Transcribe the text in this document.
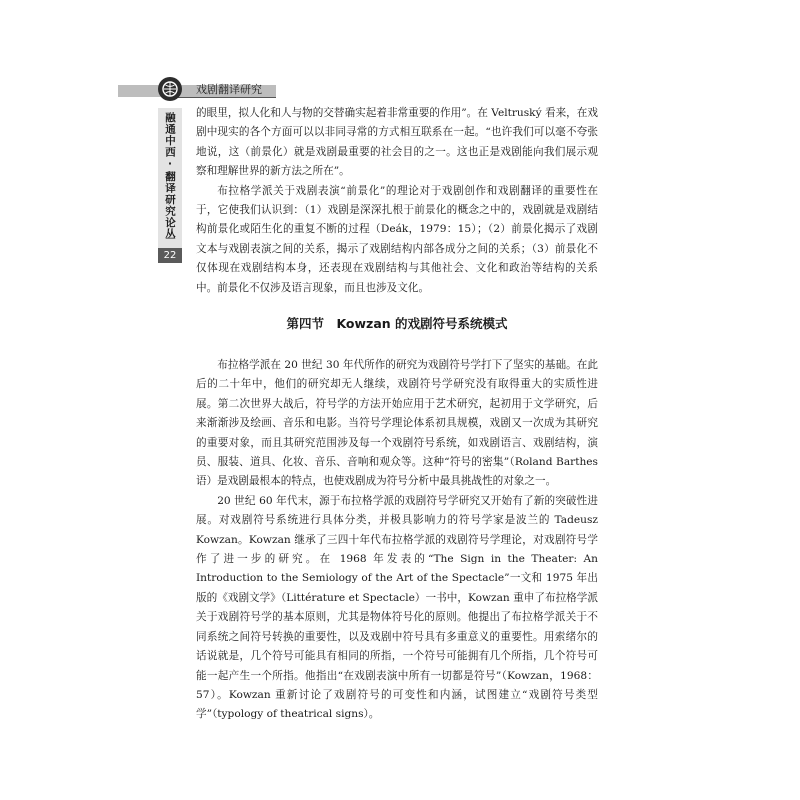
戏剧翻译研究
融通中西·翻译研究论丛
22

的眼里，拟人化和人与物的交替确实起着非常重要的作用”。在 Veltruský 看来，在戏剧中现实的各个方面可以以非同寻常的方式相互联系在一起。“也许我们可以毫不夸张地说，这（前景化）就是戏剧最重要的社会目的之一。这也正是戏剧能向我们展示观察和理解世界的新方法之所在”。

布拉格学派关于戏剧表演“前景化”的理论对于戏剧创作和戏剧翻译的重要性在于，它使我们认识到：（1）戏剧是深深扎根于前景化的概念之中的，戏剧就是戏剧结构前景化或陌生化的重复不断的过程（Deák，1979：15）；（2）前景化揭示了戏剧文本与戏剧表演之间的关系，揭示了戏剧结构内部各成分之间的关系；（3）前景化不仅体现在戏剧结构本身，还表现在戏剧结构与其他社会、文化和政治等结构的关系中。前景化不仅涉及语言现象，而且也涉及文化。

第四节　Kowzan 的戏剧符号系统模式

布拉格学派在 20 世纪 30 年代所作的研究为戏剧符号学打下了坚实的基础。在此后的二十年中，他们的研究却无人继续，戏剧符号学研究没有取得重大的实质性进展。第二次世界大战后，符号学的方法开始应用于艺术研究，起初用于文学研究，后来渐渐涉及绘画、音乐和电影。当符号学理论体系初具规模，戏剧又一次成为其研究的重要对象，而且其研究范围涉及每一个戏剧符号系统，如戏剧语言、戏剧结构，演员、服装、道具、化妆、音乐、音响和观众等。这种“符号的密集”（Roland Barthes 语）是戏剧最根本的特点，也使戏剧成为符号分析中最具挑战性的对象之一。

20 世纪 60 年代末，源于布拉格学派的戏剧符号学研究又开始有了新的突破性进展。对戏剧符号系统进行具体分类，并极具影响力的符号学家是波兰的 Tadeusz Kowzan。Kowzan 继承了三四十年代布拉格学派的戏剧符号学理论，对戏剧符号学作了进一步的研究。在 1968 年发表的“The Sign in the Theater: An Introduction to the Semiology of the Art of the Spectacle”一文和 1975 年出版的《戏剧文学》（Littérature et Spectacle）一书中，Kowzan 重申了布拉格学派关于戏剧符号学的基本原则，尤其是物体符号化的原则。他提出了布拉格学派关于不同系统之间符号转换的重要性，以及戏剧中符号具有多重意义的重要性。用索绪尔的话说就是，几个符号可能具有相同的所指，一个符号可能拥有几个所指，几个符号可能一起产生一个所指。他指出“在戏剧表演中所有一切都是符号”（Kowzan，1968：57）。Kowzan 重新讨论了戏剧符号的可变性和内涵，试图建立“戏剧符号类型学”（typology of theatrical signs）。
